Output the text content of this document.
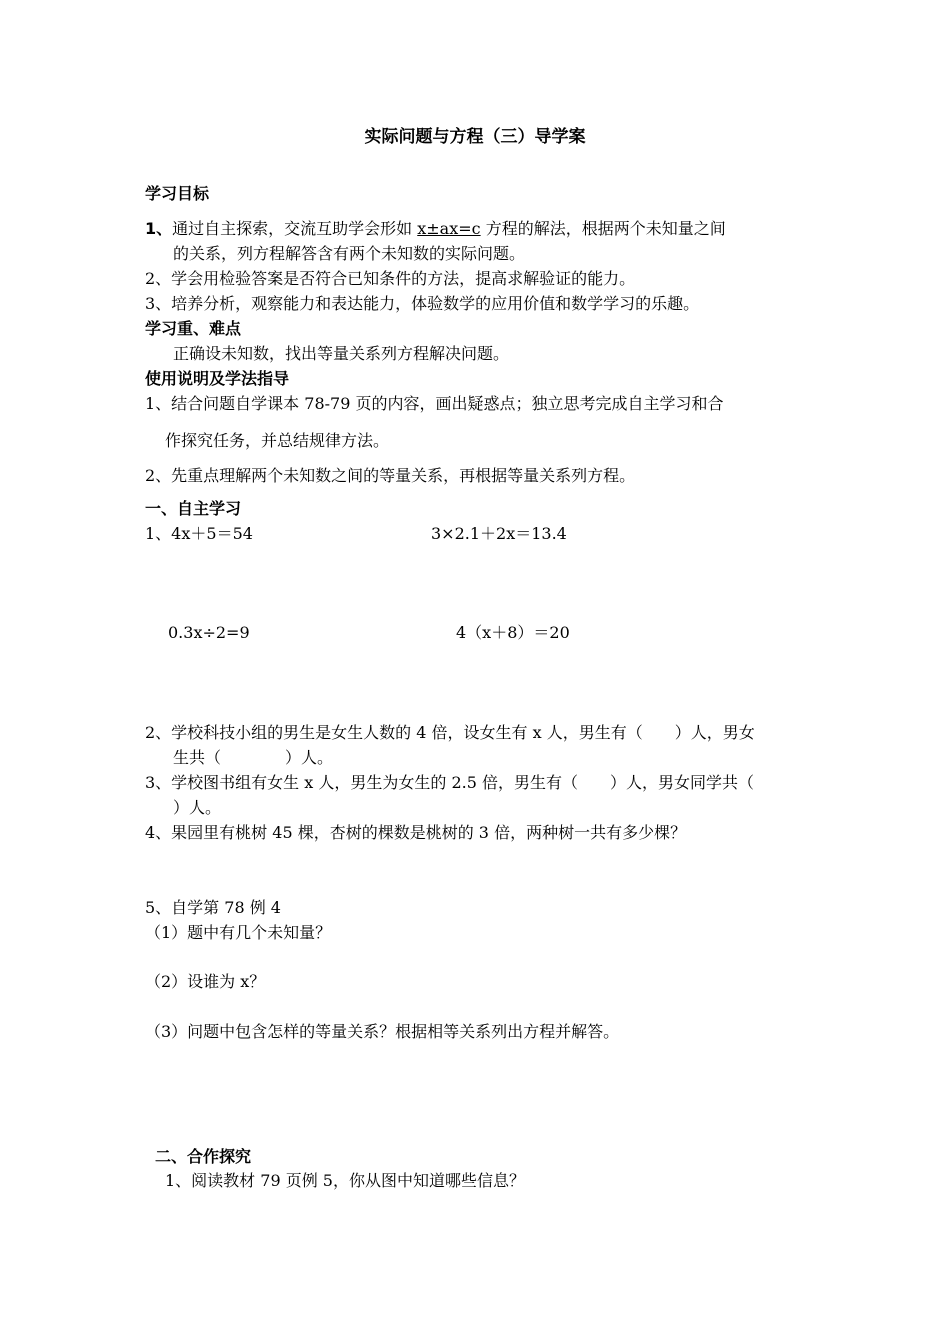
实际问题与方程（三）导学案
学习目标
1、通过自主探索，交流互助学会形如 x±ax=c 方程的解法，根据两个未知量之间
的关系，列方程解答含有两个未知数的实际问题。
2、学会用检验答案是否符合已知条件的方法，提高求解验证的能力。
3、培养分析，观察能力和表达能力，体验数学的应用价值和数学学习的乐趣。
学习重、难点
正确设未知数，找出等量关系列方程解决问题。
使用说明及学法指导
1、结合问题自学课本 78-79 页的内容，画出疑惑点；独立思考完成自主学习和合
作探究任务，并总结规律方法。
2、先重点理解两个未知数之间的等量关系，再根据等量关系列方程。
一、自主学习
1、4x＋5＝54	3×2.1＋2x＝13.4
0.3x÷2=9	4（x＋8）＝20
2、学校科技小组的男生是女生人数的 4 倍，设女生有 x 人，男生有（　　）人，男女
生共（　　　　）人。
3、学校图书组有女生 x 人，男生为女生的 2.5 倍，男生有（　　）人，男女同学共（
）人。
4、果园里有桃树 45 棵，杏树的棵数是桃树的 3 倍，两种树一共有多少棵？
5、自学第 78 例 4
（1）题中有几个未知量？
（2）设谁为 x？
（3）问题中包含怎样的等量关系？根据相等关系列出方程并解答。
二、合作探究
1、阅读教材 79 页例 5，你从图中知道哪些信息？
